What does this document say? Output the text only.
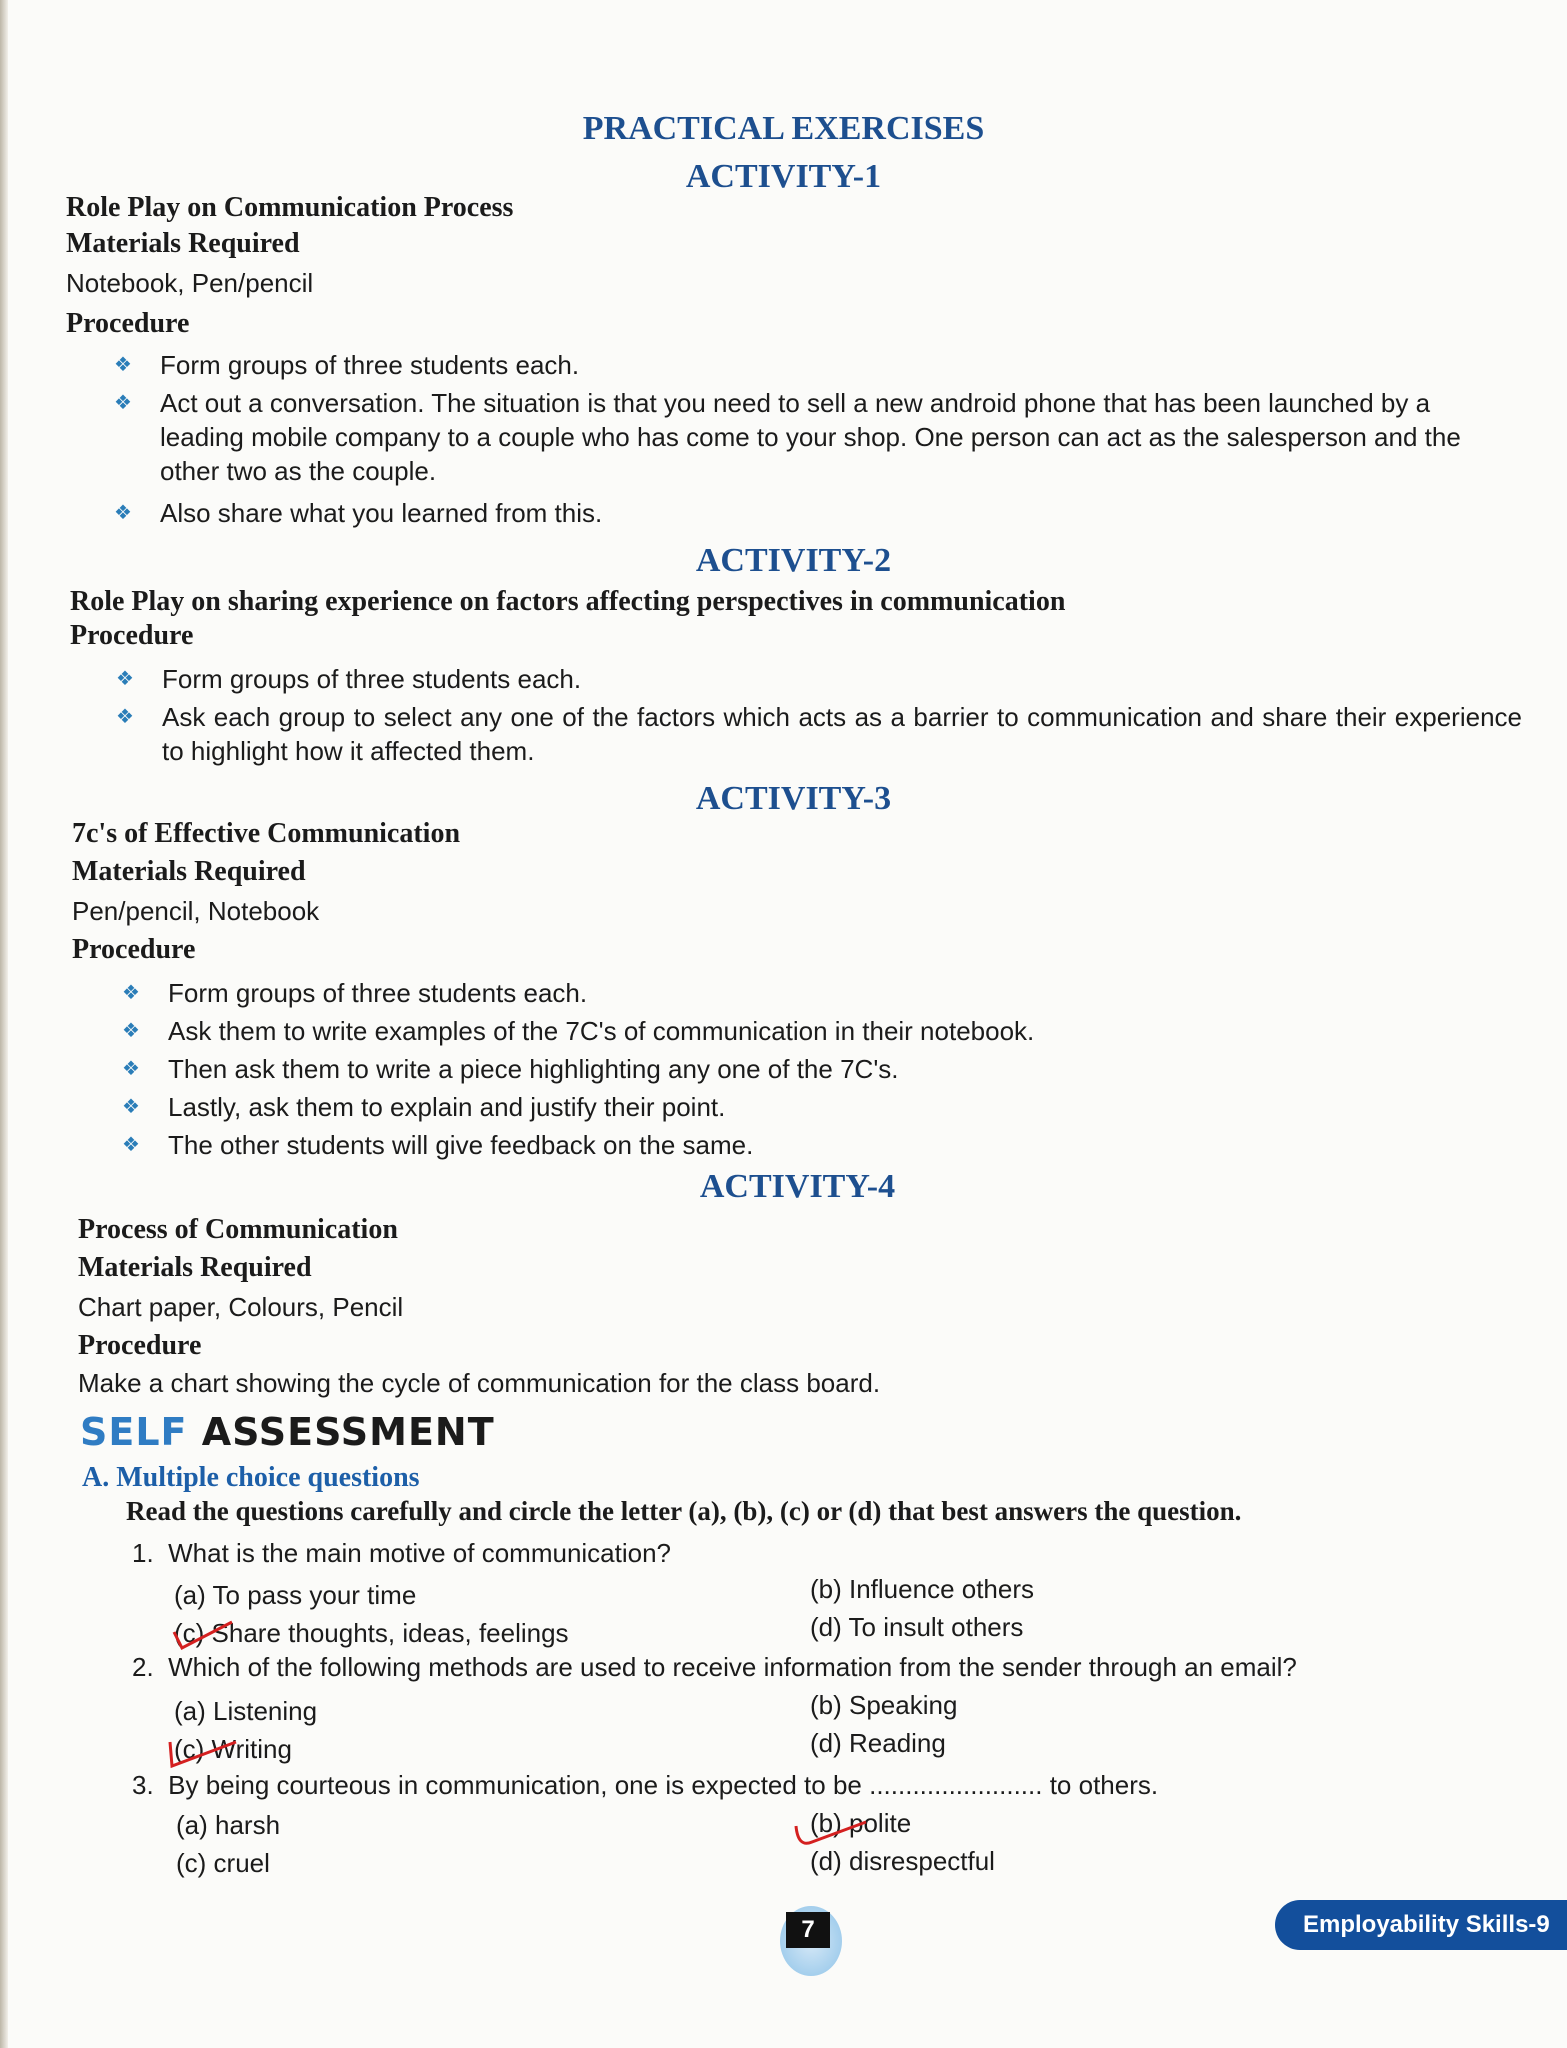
PRACTICAL EXERCISES
ACTIVITY-1
Role Play on Communication Process
Materials Required
Notebook, Pen/pencil
Procedure
❖ Form groups of three students each.
❖ Act out a conversation. The situation is that you need to sell a new android phone that has been launched by a leading mobile company to a couple who has come to your shop. One person can act as the salesperson and the other two as the couple.
❖ Also share what you learned from this.
ACTIVITY-2
Role Play on sharing experience on factors affecting perspectives in communication
Procedure
❖ Form groups of three students each.
❖ Ask each group to select any one of the factors which acts as a barrier to communication and share their experience to highlight how it affected them.
ACTIVITY-3
7c's of Effective Communication
Materials Required
Pen/pencil, Notebook
Procedure
❖ Form groups of three students each.
❖ Ask them to write examples of the 7C's of communication in their notebook.
❖ Then ask them to write a piece highlighting any one of the 7C's.
❖ Lastly, ask them to explain and justify their point.
❖ The other students will give feedback on the same.
ACTIVITY-4
Process of Communication
Materials Required
Chart paper, Colours, Pencil
Procedure
Make a chart showing the cycle of communication for the class board.
SELF ASSESSMENT
A. Multiple choice questions
Read the questions carefully and circle the letter (a), (b), (c) or (d) that best answers the question.
1. What is the main motive of communication?
(a) To pass your time	(b) Influence others
(c) Share thoughts, ideas, feelings	(d) To insult others
2. Which of the following methods are used to receive information from the sender through an email?
(a) Listening	(b) Speaking
(c) Writing	(d) Reading
3. By being courteous in communication, one is expected to be ........................ to others.
(a) harsh	(b) polite
(c) cruel	(d) disrespectful
7	Employability Skills-9
